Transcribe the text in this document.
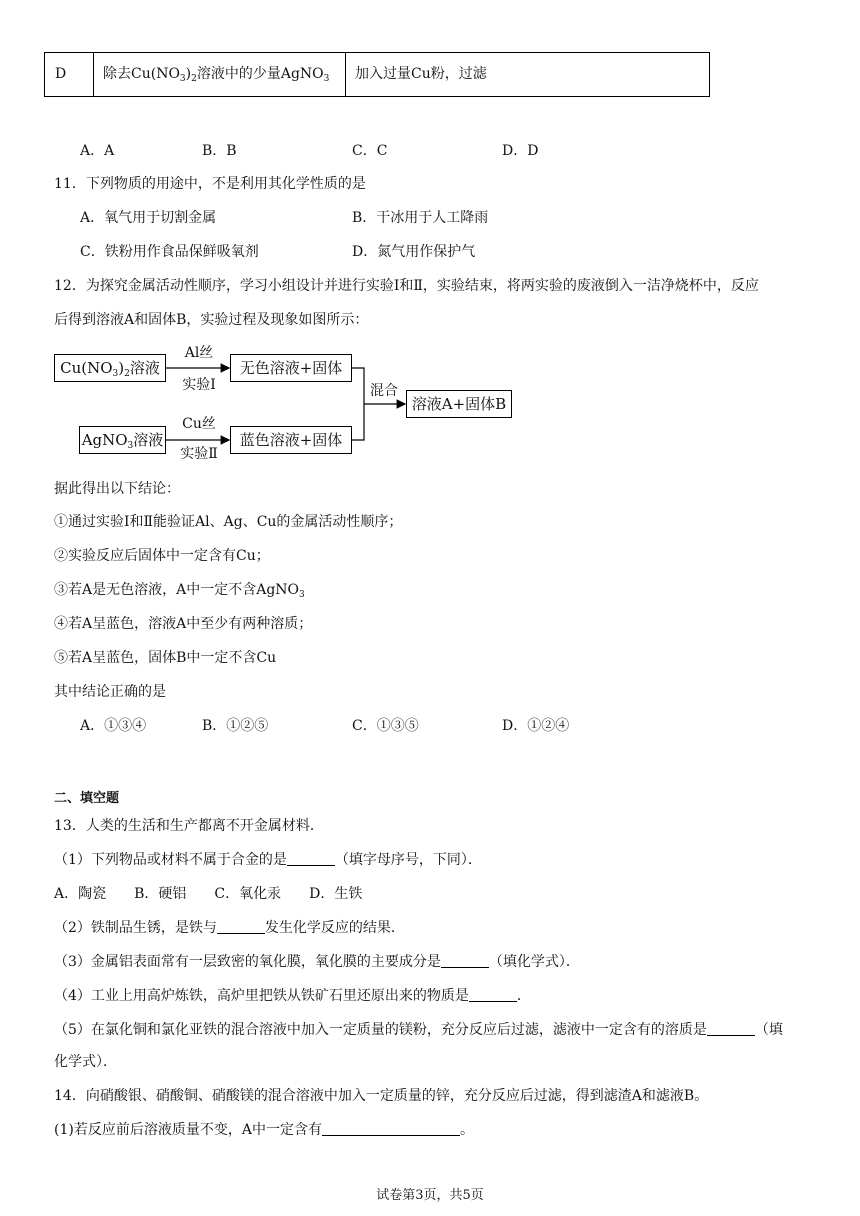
D	除去$Cu(NO_3)_2$溶液中的少量AgNO$_3$	加入过量Cu粉，过滤
A．A	B．B	C．C	D．D
11．下列物质的用途中，不是利用其化学性质的是
A．氧气用于切割金属	B．干冰用于人工降雨
C．铁粉用作食品保鲜吸氧剂	D．氮气用作保护气
12．为探究金属活动性顺序，学习小组设计并进行实验Ⅰ和Ⅱ，实验结束，将两实验的废液倒入一洁净烧杯中，反应
后得到溶液A和固体B，实验过程及现象如图所示：
$Cu(NO_3)_2$溶液
Al丝
实验Ⅰ
无色溶液+固体
AgNO$_3$溶液
Cu丝
实验Ⅱ
蓝色溶液+固体
混合
溶液A+固体B
据此得出以下结论：
①通过实验Ⅰ和Ⅱ能验证Al、Ag、Cu的金属活动性顺序；
②实验反应后固体中一定含有Cu；
③若A是无色溶液，A中一定不含AgNO$_3$
④若A呈蓝色，溶液A中至少有两种溶质；
⑤若A呈蓝色，固体B中一定不含Cu
其中结论正确的是
A．①③④	B．①②⑤	C．①③⑤	D．①②④
二、填空题
13．人类的生活和生产都离不开金属材料．
（1）下列物品或材料不属于合金的是	（填字母序号，下同）．
A．陶瓷　　B．硬铝　　C．氧化汞　　D．生铁
（2）铁制品生锈，是铁与	发生化学反应的结果．
（3）金属铝表面常有一层致密的氧化膜，氧化膜的主要成分是	（填化学式）．
（4）工业上用高炉炼铁，高炉里把铁从铁矿石里还原出来的物质是	．
（5）在氯化铜和氯化亚铁的混合溶液中加入一定质量的镁粉，充分反应后过滤，滤液中一定含有的溶质是	（填
化学式）．
14．向硝酸银、硝酸铜、硝酸镁的混合溶液中加入一定质量的锌，充分反应后过滤，得到滤渣A和滤液B。
(1)若反应前后溶液质量不变，A中一定含有	。
试卷第3页，共5页
